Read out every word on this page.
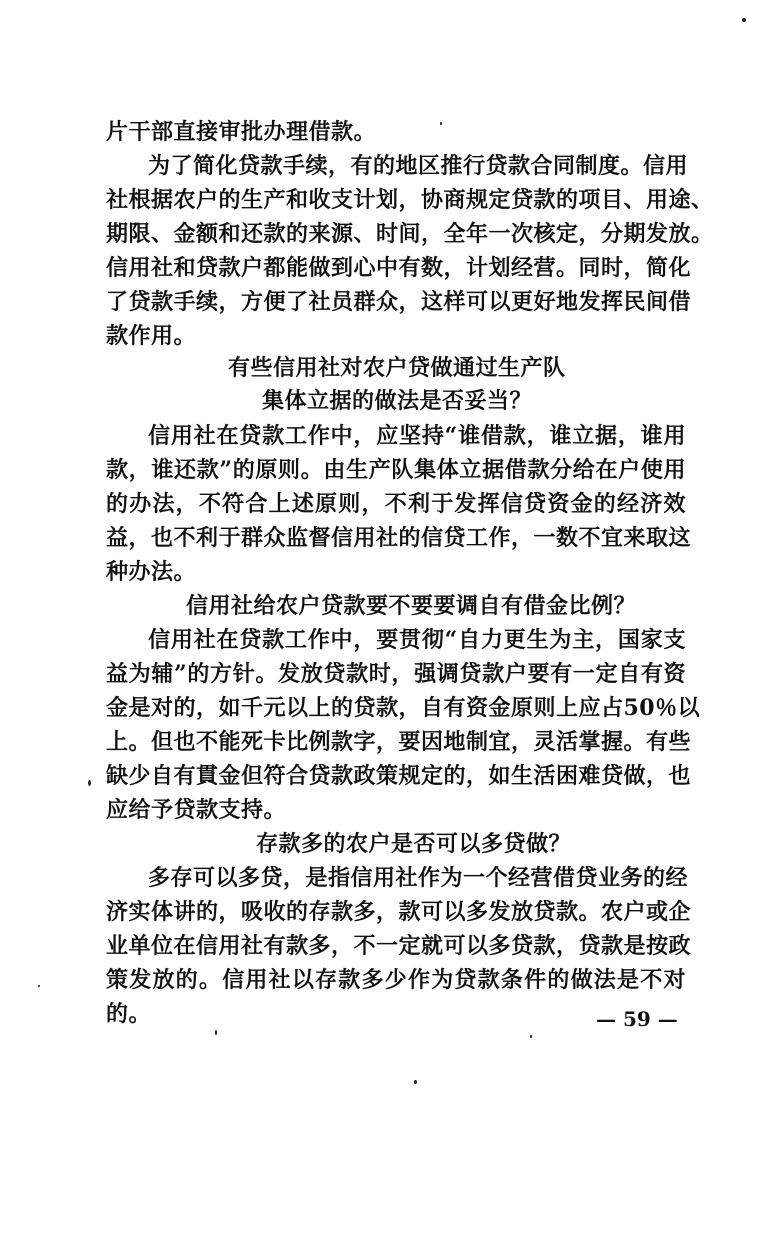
片干部直接审批办理借款。
为了简化贷款手续，有的地区推行贷款合同制度。信用
社根据农户的生产和收支计划，协商规定贷款的项目、用途、
期限、金额和还款的来源、时间，全年一次核定，分期发放。
信用社和贷款户都能做到心中有数，计划经营。同时，简化
了贷款手续，方便了社员群众，这样可以更好地发挥民间借
款作用。
有些信用社对农户贷做通过生产队
集体立据的做法是否妥当？
信用社在贷款工作中，应坚持“谁借款，谁立据，谁用
款，谁还款”的原则。由生产队集体立据借款分给在户使用
的办法，不符合上述原则，不利于发挥信贷资金的经济效
益，也不利于群众监督信用社的信贷工作，一数不宜来取这
种办法。
信用社给农户贷款要不要要调自有借金比例？
信用社在贷款工作中，要贯彻“自力更生为主，国家支
益为辅”的方针。发放贷款时，强调贷款户要有一定自有资
金是对的，如千元以上的贷款，自有资金原则上应占50％以
上。但也不能死卡比例款字，要因地制宜，灵活掌握。有些
缺少自有貫金但符合贷款政策规定的，如生活困难贷做，也
应给予贷款支持。
存款多的农户是否可以多贷做？
多存可以多贷，是指信用社作为一个经营借贷业务的经
济实体讲的，吸收的存款多，款可以多发放贷款。农户或企
业单位在信用社有款多，不一定就可以多贷款，贷款是按政
策发放的。信用社以存款多少作为贷款条件的做法是不对
的。	— 59 —
